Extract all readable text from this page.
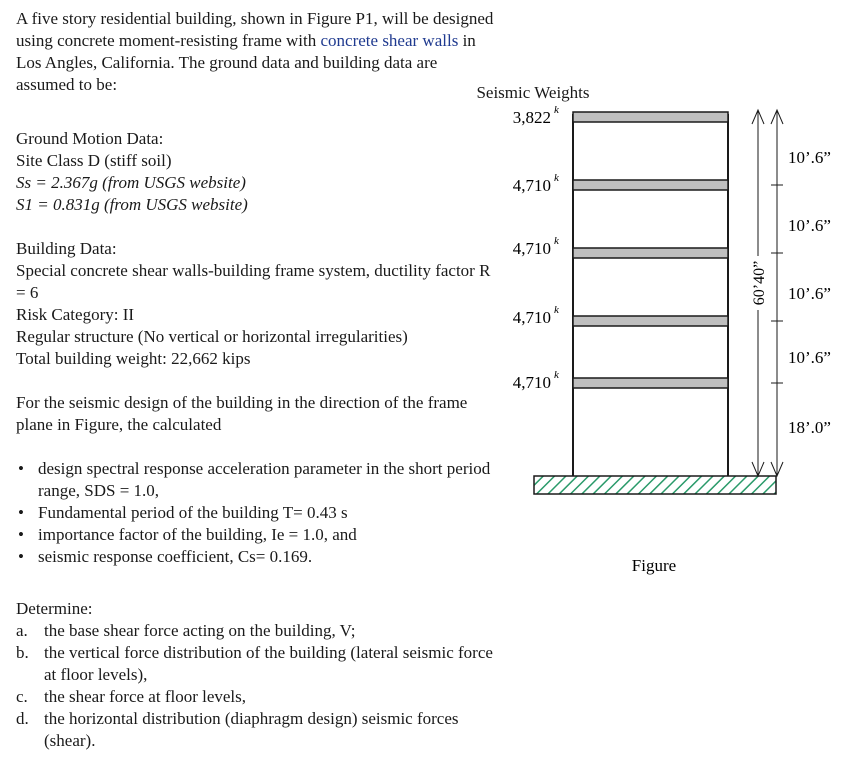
A five story residential building, shown in Figure P1, will be designed using concrete moment-resisting frame with concrete shear walls in Los Angles, California. The ground data and building data are assumed to be:

Ground Motion Data:

Site Class D (stiff soil)

Ss = 2.367g (from USGS website)

S1 = 0.831g (from USGS website)

Building Data:

Special concrete shear walls-building frame system, ductility factor R = 6

Risk Category: II

Regular structure (No vertical or horizontal irregularities)

Total building weight: 22,662 kips

For the seismic design of the building in the direction of the frame plane in Figure, the calculated

• design spectral response acceleration parameter in the short period range, SDS = 1.0,
• Fundamental period of the building T= 0.43 s
• importance factor of the building, Ie = 1.0, and
• seismic response coefficient, Cs= 0.169.

Determine:

a. the base shear force acting on the building, V;
b. the vertical force distribution of the building (lateral seismic force at floor levels),
c. the shear force at floor levels,
d. the horizontal distribution (diaphragm design) seismic forces (shear).
Seismic Weights
3,822 k
4,710 k
4,710 k
4,710 k
4,710 k
60’40”
10’.6”
10’.6”
10’.6”
10’.6”
18’.0”
Figure
